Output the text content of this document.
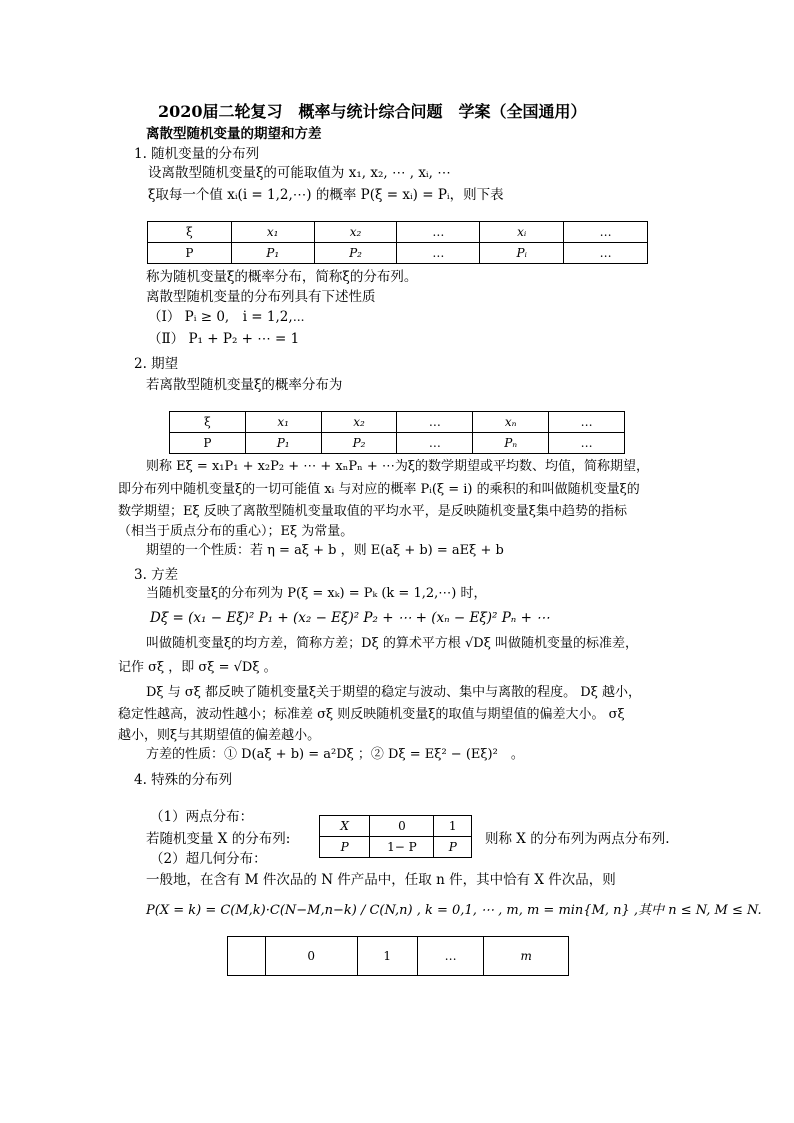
2020届二轮复习　概率与统计综合问题　学案（全国通用）
离散型随机变量的期望和方差
1. 随机变量的分布列
设离散型随机变量ξ的可能取值为 x₁, x₂, ⋯ , xᵢ, ⋯
ξ取每一个值 xᵢ(i = 1,2,⋯) 的概率 P(ξ = xᵢ) = Pᵢ，则下表
ξ	x₁	x₂	…	xᵢ	…
P	P₁	P₂	…	Pᵢ	…
称为随机变量ξ的概率分布，简称ξ的分布列。
离散型随机变量的分布列具有下述性质
（Ⅰ） Pᵢ ≥ 0,　i = 1,2,⋯
（Ⅱ） P₁ + P₂ + ⋯ = 1
2. 期望
若离散型随机变量ξ的概率分布为
ξ	x₁	x₂	…	xₙ	…
P	P₁	P₂	…	Pₙ	…
则称 Eξ = x₁P₁ + x₂P₂ + ⋯ + xₙPₙ + ⋯为ξ的数学期望或平均数、均值，简称期望，
即分布列中随机变量ξ的一切可能值 xᵢ 与对应的概率 Pᵢ(ξ = i) 的乘积的和叫做随机变量ξ的
数学期望；Eξ 反映了离散型随机变量取值的平均水平，是反映随机变量ξ集中趋势的指标
（相当于质点分布的重心）；Eξ 为常量。
期望的一个性质：若 η = aξ + b ，则 E(aξ + b) = aEξ + b
3. 方差
当随机变量ξ的分布列为 P(ξ = xₖ) = Pₖ (k = 1,2,⋯) 时，
Dξ = (x₁ − Eξ)² P₁ + (x₂ − Eξ)² P₂ + ⋯ + (xₙ − Eξ)² Pₙ + ⋯
叫做随机变量ξ的均方差，简称方差；Dξ 的算术平方根 √Dξ 叫做随机变量的标准差，
记作 σξ ，即 σξ = √Dξ 。
Dξ 与 σξ 都反映了随机变量ξ关于期望的稳定与波动、集中与离散的程度。 Dξ 越小，
稳定性越高，波动性越小；标准差 σξ 则反映随机变量ξ的取值与期望值的偏差大小。 σξ
越小，则ξ与其期望值的偏差越小。
方差的性质：① D(aξ + b) = a²Dξ ；② Dξ = Eξ² − (Eξ)²　。
4. 特殊的分布列
（1）两点分布：
若随机变量 X 的分布列:
X	0	1
P	1− P	P 则称 X 的分布列为两点分布列.
（2）超几何分布：
一般地，在含有 M 件次品的 N 件产品中，任取 n 件，其中恰有 X 件次品，则
P(X = k) = C(M,k)·C(N−M,n−k) / C(N,n) , k = 0,1, ⋯ , m, m = min{M, n} ,其中 n ≤ N, M ≤ N.
	0	1	…	m
